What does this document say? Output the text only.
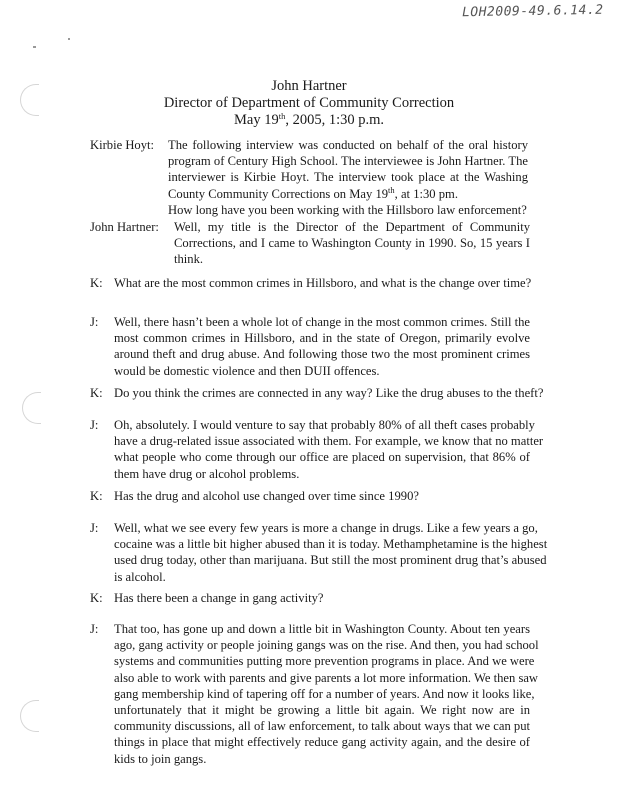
LOH2009-49.6.14.2
John Hartner
Director of Department of Community Correction
May 19th, 2005, 1:30 p.m.
Kirbie Hoyt: The following interview was conducted on behalf of the oral history
program of Century High School. The interviewee is John Hartner. The
interviewer is Kirbie Hoyt. The interview took place at the Washing
County Community Corrections on May 19th, at 1:30 pm.
How long have you been working with the Hillsboro law enforcement?
John Hartner: Well, my title is the Director of the Department of Community
Corrections, and I came to Washington County in 1990. So, 15 years I
think.
K: What are the most common crimes in Hillsboro, and what is the change over time?
J: Well, there hasn’t been a whole lot of change in the most common crimes. Still the
most common crimes in Hillsboro, and in the state of Oregon, primarily evolve
around theft and drug abuse. And following those two the most prominent crimes
would be domestic violence and then DUII offences.
K: Do you think the crimes are connected in any way? Like the drug abuses to the theft?
J: Oh, absolutely. I would venture to say that probably 80% of all theft cases probably
have a drug-related issue associated with them. For example, we know that no matter
what people who come through our office are placed on supervision, that 86% of
them have drug or alcohol problems.
K: Has the drug and alcohol use changed over time since 1990?
J: Well, what we see every few years is more a change in drugs. Like a few years a go,
cocaine was a little bit higher abused than it is today. Methamphetamine is the highest
used drug today, other than marijuana. But still the most prominent drug that’s abused
is alcohol.
K: Has there been a change in gang activity?
J: That too, has gone up and down a little bit in Washington County. About ten years
ago, gang activity or people joining gangs was on the rise. And then, you had school
systems and communities putting more prevention programs in place. And we were
also able to work with parents and give parents a lot more information. We then saw
gang membership kind of tapering off for a number of years. And now it looks like,
unfortunately that it might be growing a little bit again. We right now are in
community discussions, all of law enforcement, to talk about ways that we can put
things in place that might effectively reduce gang activity again, and the desire of
kids to join gangs.
